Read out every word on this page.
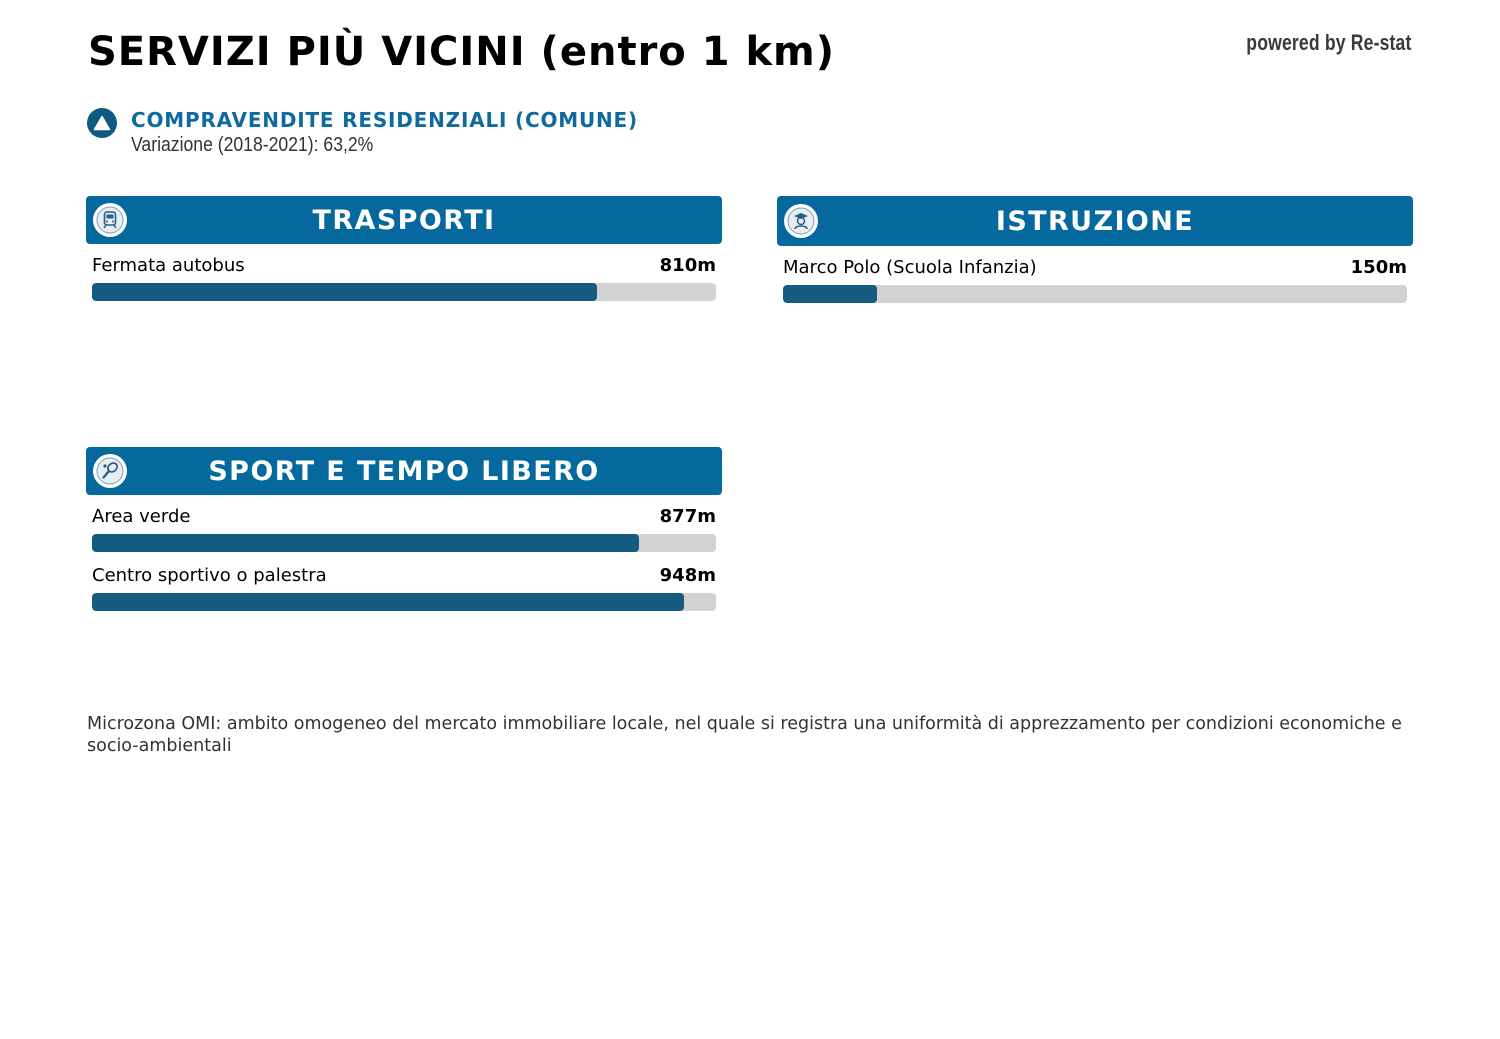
SERVIZI PIÙ VICINI (entro 1 km)	powered by Re-stat
COMPRAVENDITE RESIDENZIALI (COMUNE)
Variazione (2018-2021): 63,2%
TRASPORTI
Fermata autobus	810m
ISTRUZIONE
Marco Polo (Scuola Infanzia)	150m
SPORT E TEMPO LIBERO
Area verde	877m
Centro sportivo o palestra	948m
Microzona OMI: ambito omogeneo del mercato immobiliare locale, nel quale si registra una uniformità di apprezzamento per condizioni economiche e socio-ambientali
